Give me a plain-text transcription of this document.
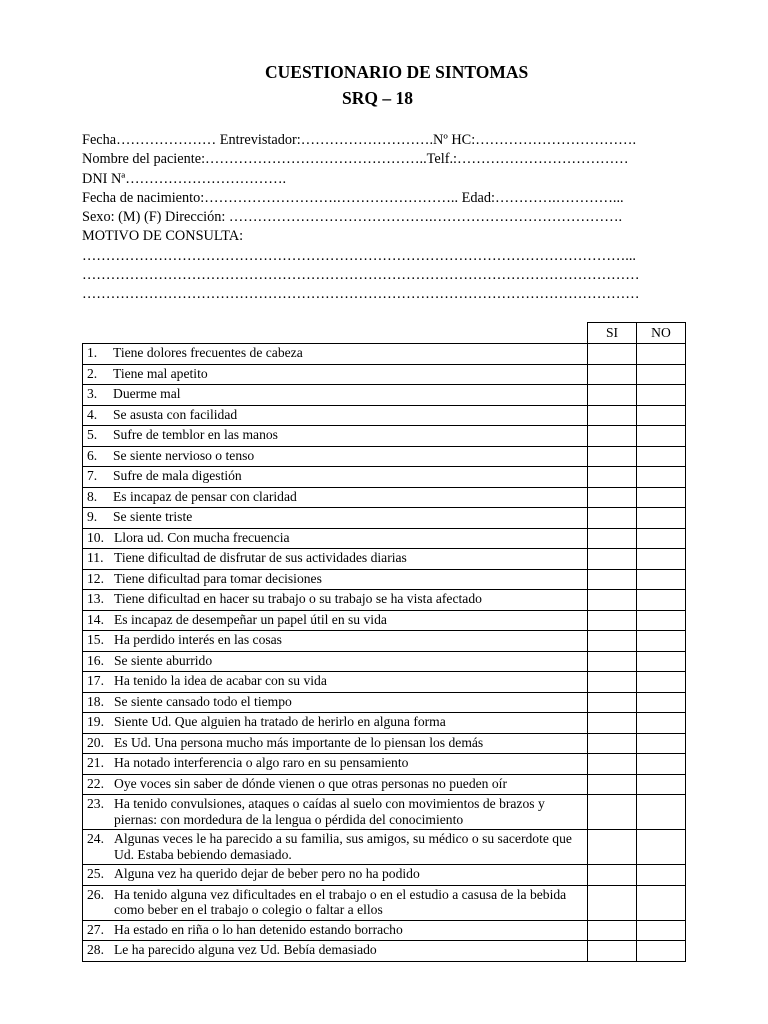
CUESTIONARIO DE SINTOMAS
SRQ – 18
Fecha………………… Entrevistador:……………………….Nº HC:…………………………….
Nombre del paciente:………………………………………..Telf.:………………………………
DNI Nª…………………………….
Fecha de nacimiento:……………………….…………………….. Edad:………….…………...
Sexo: (M) (F) Dirección: …………………………………….………………………………….
MOTIVO DE CONSULTA:
……………………………………………………………………………………………………...
………………………………………………………………………………………………………
………………………………………………………………………………………………………
	SI	NO

1. Tiene dolores frecuentes de cabeza		

2. Tiene mal apetito		

3. Duerme mal		

4. Se asusta con facilidad		

5. Sufre de temblor en las manos		

6. Se siente nervioso o tenso		

7. Sufre de mala digestión		

8. Es incapaz de pensar con claridad		

9. Se siente triste		

10. Llora ud. Con mucha frecuencia		

11. Tiene dificultad de disfrutar de sus actividades diarias		

12. Tiene dificultad para tomar decisiones		

13. Tiene dificultad en hacer su trabajo o su trabajo se ha vista afectado		

14. Es incapaz de desempeñar un papel útil en su vida		

15. Ha perdido interés en las cosas		

16. Se siente aburrido		

17. Ha tenido la idea de acabar con su vida		

18. Se siente cansado todo el tiempo		

19. Siente Ud. Que alguien ha tratado de herirlo en alguna forma		

20. Es Ud. Una persona mucho más importante de lo piensan los demás		

21. Ha notado interferencia o algo raro en su pensamiento		

22. Oye voces sin saber de dónde vienen o que otras personas no pueden oír		

23. Ha tenido convulsiones, ataques o caídas al suelo con movimientos de brazos y piernas: con mordedura de la lengua o pérdida del conocimiento		

24. Algunas veces le ha parecido a su familia, sus amigos, su médico o su sacerdote que Ud. Estaba bebiendo demasiado.		

25. Alguna vez ha querido dejar de beber pero no ha podido		

26. Ha tenido alguna vez dificultades en el trabajo o en el estudio a casusa de la bebida como beber en el trabajo o colegio o faltar a ellos		

27. Ha estado en riña o lo han detenido estando borracho		

28. Le ha parecido alguna vez Ud. Bebía demasiado		
